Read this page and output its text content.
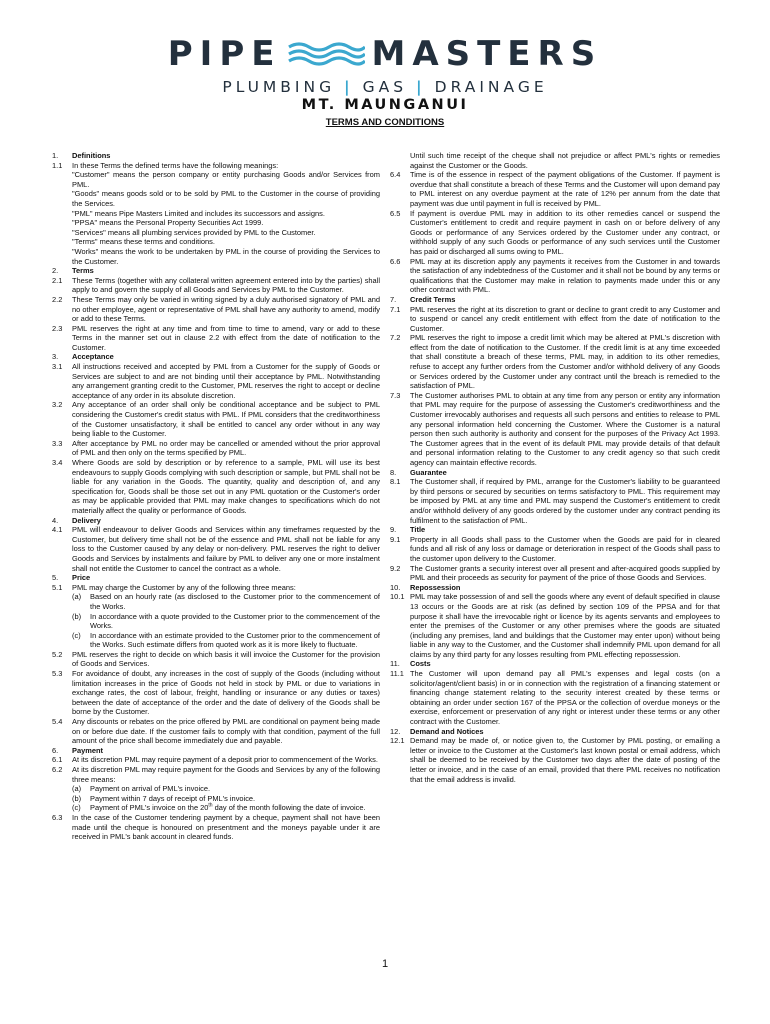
PIPE	MASTERS
PLUMBING | GAS | DRAINAGE
MT. MAUNGANUI
TERMS AND CONDITIONS
1.	Definitions
1.1	In these Terms the defined terms have the following meanings:
"Customer" means the person company or entity purchasing Goods and/or Services from PML.
"Goods" means goods sold or to be sold by PML to the Customer in the course of providing the Services.
"PML" means Pipe Masters Limited and includes its successors and assigns.
"PPSA" means the Personal Property Securities Act 1999.
"Services" means all plumbing services provided by PML to the Customer.
"Terms" means these terms and conditions.
"Works" means the work to be undertaken by PML in the course of providing the Services to the Customer.
2.	Terms
2.1	These Terms (together with any collateral written agreement entered into by the parties) shall apply to and govern the supply of all Goods and Services by PML to the Customer.
2.2	These Terms may only be varied in writing signed by a duly authorised signatory of PML and no other employee, agent or representative of PML shall have any authority to amend, modify or add to these Terms.
2.3	PML reserves the right at any time and from time to time to amend, vary or add to these Terms in the manner set out in clause 2.2 with effect from the date of notification to the Customer.
3.	Acceptance
3.1	All instructions received and accepted by PML from a Customer for the supply of Goods or Services are subject to and are not binding until their acceptance by PML. Notwithstanding any arrangement granting credit to the Customer, PML reserves the right to accept or decline acceptance of any order in its absolute discretion.
3.2	Any acceptance of an order shall only be conditional acceptance and be subject to PML considering the Customer's credit status with PML. If PML considers that the creditworthiness of the Customer unsatisfactory, it shall be entitled to cancel any order without in any way being liable to the Customer.
3.3	After acceptance by PML no order may be cancelled or amended without the prior approval of PML and then only on the terms specified by PML.
3.4	Where Goods are sold by description or by reference to a sample, PML will use its best endeavours to supply Goods complying with such description or sample, but PML shall not be liable for any variation in the Goods. The quantity, quality and description of, and any specification for, Goods shall be those set out in any PML quotation or the Customer's order as may be applicable provided that PML may make changes to specifications which do not materially affect the quality or performance of Goods.
4.	Delivery
4.1	PML will endeavour to deliver Goods and Services within any timeframes requested by the Customer, but delivery time shall not be of the essence and PML shall not be liable for any loss to the Customer caused by any delay or non-delivery. PML reserves the right to deliver Goods and Services by instalments and failure by PML to deliver any one or more instalment shall not entitle the Customer to cancel the contract as a whole.
5.	Price
5.1	PML may charge the Customer by any of the following three means:
(a)	Based on an hourly rate (as disclosed to the Customer prior to the commencement of the Works.
(b)	In accordance with a quote provided to the Customer prior to the commencement of the Works.
(c)	In accordance with an estimate provided to the Customer prior to the commencement of the Works. Such estimate differs from quoted work as it is more likely to fluctuate.
5.2	PML reserves the right to decide on which basis it will invoice the Customer for the provision of Goods and Services.
5.3	For avoidance of doubt, any increases in the cost of supply of the Goods (including without limitation increases in the price of Goods not held in stock by PML or due to variations in exchange rates, the cost of labour, freight, handling or insurance or any duties or taxes) between the date of acceptance of the order and the date of delivery of the Goods shall be borne by the Customer.
5.4	Any discounts or rebates on the price offered by PML are conditional on payment being made on or before due date. If the customer fails to comply with that condition, payment of the full amount of the price shall become immediately due and payable.
6.	Payment
6.1	At its discretion PML may require payment of a deposit prior to commencement of the Works.
6.2	At its discretion PML may require payment for the Goods and Services by any of the following three means:
(a)	Payment on arrival of PML's invoice.
(b)	Payment within 7 days of receipt of PML's invoice.
(c)	Payment of PML's invoice on the 20th day of the month following the date of invoice.
6.3	In the case of the Customer tendering payment by a cheque, payment shall not have been made until the cheque is honoured on presentment and the moneys payable under it are received in PML's bank account in cleared funds.
Until such time receipt of the cheque shall not prejudice or affect PML's rights or remedies against the Customer or the Goods.
6.4	Time is of the essence in respect of the payment obligations of the Customer. If payment is overdue that shall constitute a breach of these Terms and the Customer will upon demand pay to PML interest on any overdue payment at the rate of 12% per annum from the date that payment was due until payment in full is received by PML.
6.5	If payment is overdue PML may in addition to its other remedies cancel or suspend the Customer's entitlement to credit and require payment in cash on or before delivery of any Goods or performance of any Services ordered by the Customer under any contract, or withhold supply of any such Goods or performance of any such services until the Customer has paid or discharged all sums owing to PML.
6.6	PML may at its discretion apply any payments it receives from the Customer in and towards the satisfaction of any indebtedness of the Customer and it shall not be bound by any terms or qualifications that the Customer may make in relation to payments made under this or any other contract with PML.
7.	Credit Terms
7.1	PML reserves the right at its discretion to grant or decline to grant credit to any Customer and to suspend or cancel any credit entitlement with effect from the date of notification to the Customer.
7.2	PML reserves the right to impose a credit limit which may be altered at PML's discretion with effect from the date of notification to the Customer. If the credit limit is at any time exceeded that shall constitute a breach of these terms, PML may, in addition to its other remedies, refuse to accept any further orders from the Customer and/or withhold delivery of any Goods or Services ordered by the Customer under any contract until the breach is remedied to the satisfaction of PML.
7.3	The Customer authorises PML to obtain at any time from any person or entity any information that PML may require for the purpose of assessing the Customer's creditworthiness and the Customer irrevocably authorises and requests all such persons and entities to release to PML any personal information held concerning the Customer. Where the Customer is a natural person then such authority is authority and consent for the purposes of the Privacy Act 1993. The Customer agrees that in the event of its default PML may provide details of that default and personal information relating to the Customer to any credit agency so that such credit agency can maintain effective records.
8.	Guarantee
8.1	The Customer shall, if required by PML, arrange for the Customer's liability to be guaranteed by third persons or secured by securities on terms satisfactory to PML. This requirement may be imposed by PML at any time and PML may suspend the Customer's entitlement to credit and/or withhold delivery of any goods ordered by the customer under any contract pending its fulfilment to the satisfaction of PML.
9.	Title
9.1	Property in all Goods shall pass to the Customer when the Goods are paid for in cleared funds and all risk of any loss or damage or deterioration in respect of the Goods shall pass to the customer upon delivery to the Customer.
9.2	The Customer grants a security interest over all present and after-acquired goods supplied by PML and their proceeds as security for payment of the price of those Goods and Services.
10.	Repossession
10.1 PML may take possession of and sell the goods where any event of default specified in clause 13 occurs or the Goods are at risk (as defined by section 109 of the PPSA and for that purpose it shall have the irrevocable right or licence by its agents servants and employees to enter the premises of the Customer or any other premises where the goods are situated (including any premises, land and buildings that the Customer may enter upon) without being liable in any way to the Customer, and the Customer shall indemnify PML upon demand for all claims by any third party for any losses resulting from PML effecting repossession.
11.	Costs
11.1 The Customer will upon demand pay all PML's expenses and legal costs (on a solicitor/agent/client basis) in or in connection with the registration of a financing statement or financing change statement relating to the security interest created by these terms or obtaining an order under section 167 of the PPSA or the collection of overdue moneys or the exercise, enforcement or preservation of any right or interest under these terms or any other contract with the Customer.
12.	Demand and Notices
12.1 Demand may be made of, or notice given to, the Customer by PML posting, or emailing a letter or invoice to the Customer at the Customer's last known postal or email address, which shall be deemed to be received by the Customer two days after the date of posting of the letter or invoice, and in the case of an email, provided that there PML receives no notification that the email address is invalid.
1
